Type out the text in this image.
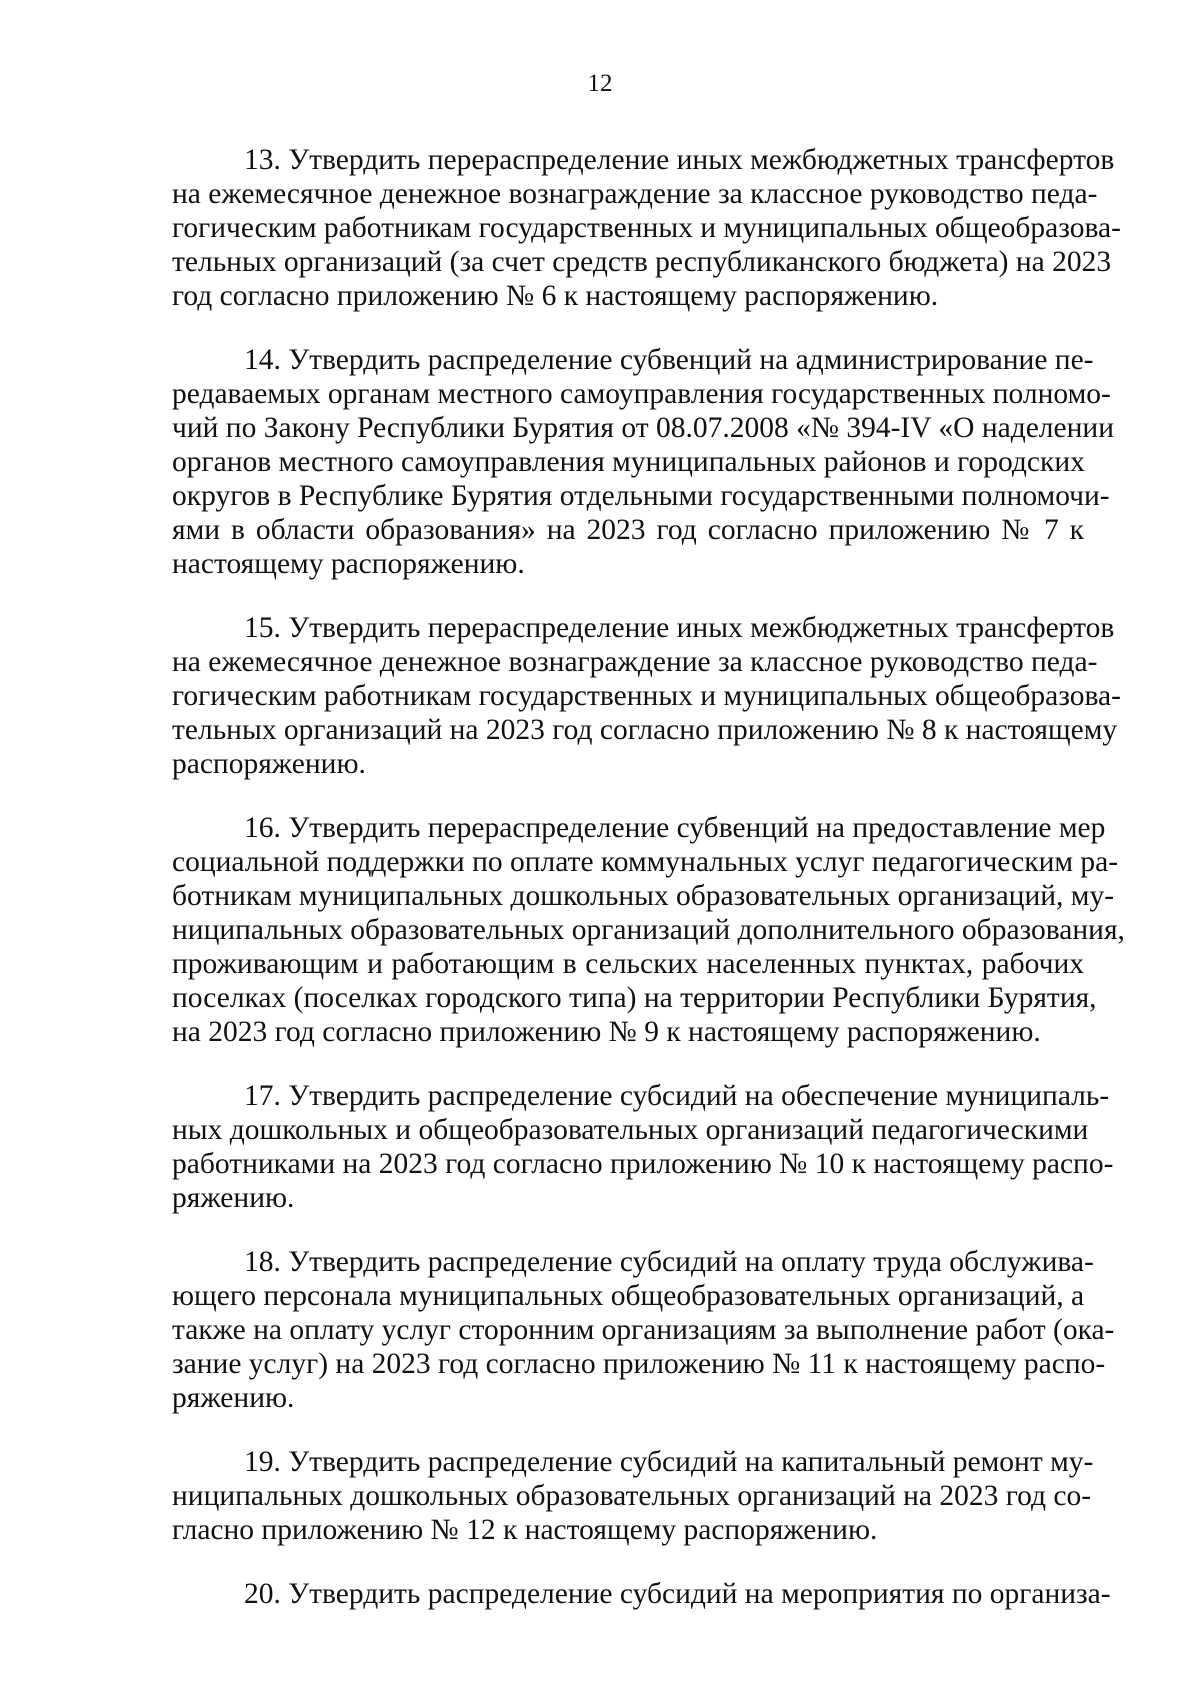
12
13. Утвердить перераспределение иных межбюджетных трансфертов
на ежемесячное денежное вознаграждение за классное руководство педа-
гогическим работникам государственных и муниципальных общеобразова-
тельных организаций (за счет средств республиканского бюджета) на 2023
год согласно приложению № 6 к настоящему распоряжению.
14. Утвердить распределение субвенций на администрирование пе-
редаваемых органам местного самоуправления государственных полномо-
чий по Закону Республики Бурятия от 08.07.2008 «№ 394-IV «О наделении
органов местного самоуправления муниципальных районов и городских
округов в Республике Бурятия отдельными государственными полномочи-
ями в области образования» на 2023 год согласно приложению № 7 к
настоящему распоряжению.
15. Утвердить перераспределение иных межбюджетных трансфертов
на ежемесячное денежное вознаграждение за классное руководство педа-
гогическим работникам государственных и муниципальных общеобразова-
тельных организаций на 2023 год согласно приложению № 8 к настоящему
распоряжению.
16. Утвердить перераспределение субвенций на предоставление мер
социальной поддержки по оплате коммунальных услуг педагогическим ра-
ботникам муниципальных дошкольных образовательных организаций, му-
ниципальных образовательных организаций дополнительного образования,
проживающим и работающим в сельских населенных пунктах, рабочих
поселках (поселках городского типа) на территории Республики Бурятия,
на 2023 год согласно приложению № 9 к настоящему распоряжению.
17. Утвердить распределение субсидий на обеспечение муниципаль-
ных дошкольных и общеобразовательных организаций педагогическими
работниками на 2023 год согласно приложению № 10 к настоящему распо-
ряжению.
18. Утвердить распределение субсидий на оплату труда обслужива-
ющего персонала муниципальных общеобразовательных организаций, а
также на оплату услуг сторонним организациям за выполнение работ (ока-
зание услуг) на 2023 год согласно приложению № 11 к настоящему распо-
ряжению.
19. Утвердить распределение субсидий на капитальный ремонт му-
ниципальных дошкольных образовательных организаций на 2023 год со-
гласно приложению № 12 к настоящему распоряжению.
20. Утвердить распределение субсидий на мероприятия по организа-
